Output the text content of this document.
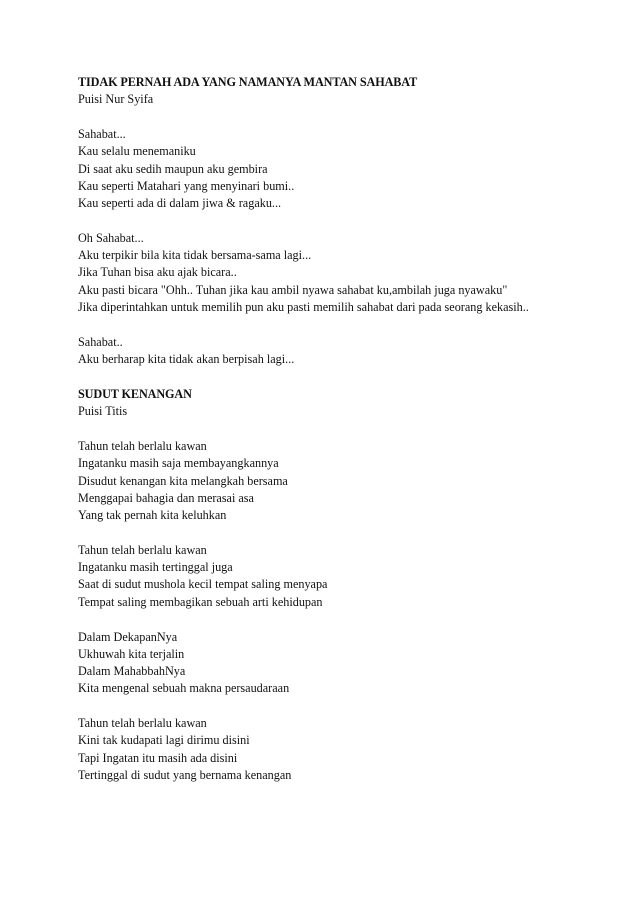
TIDAK PERNAH ADA YANG NAMANYA MANTAN SAHABAT
Puisi Nur Syifa
Sahabat...
Kau selalu menemaniku
Di saat aku sedih maupun aku gembira
Kau seperti Matahari yang menyinari bumi..
Kau seperti ada di dalam jiwa & ragaku...
Oh Sahabat...
Aku terpikir bila kita tidak bersama-sama lagi...
Jika Tuhan bisa aku ajak bicara..
Aku pasti bicara "Ohh.. Tuhan jika kau ambil nyawa sahabat ku,ambilah juga nyawaku"
Jika diperintahkan untuk memilih pun aku pasti memilih sahabat dari pada seorang kekasih..
Sahabat..
Aku berharap kita tidak akan berpisah lagi...
SUDUT KENANGAN
Puisi Titis
Tahun telah berlalu kawan
Ingatanku masih saja membayangkannya
Disudut kenangan kita melangkah bersama
Menggapai bahagia dan merasai asa
Yang tak pernah kita keluhkan
Tahun telah berlalu kawan
Ingatanku masih tertinggal juga
Saat di sudut mushola kecil tempat saling menyapa
Tempat saling membagikan sebuah arti kehidupan
Dalam DekapanNya
Ukhuwah kita terjalin
Dalam MahabbahNya
Kita mengenal sebuah makna persaudaraan
Tahun telah berlalu kawan
Kini tak kudapati lagi dirimu disini
Tapi Ingatan itu masih ada disini
Tertinggal di sudut yang bernama kenangan
